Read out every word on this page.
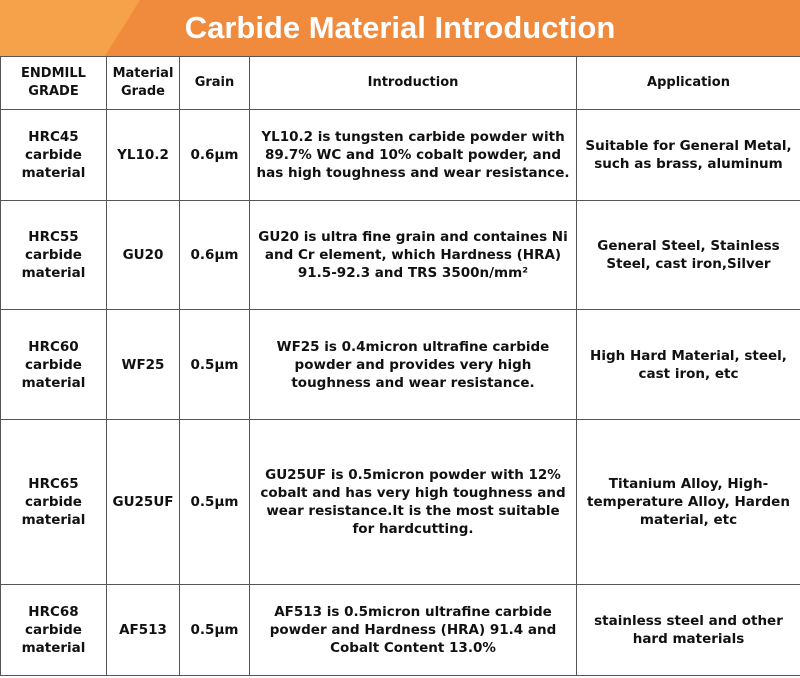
Carbide Material Introduction
ENDMILL GRADE	Material Grade	Grain	Introduction	Application
HRC45 carbide material	YL10.2	0.6μm	YL10.2 is tungsten carbide powder with 89.7% WC and 10% cobalt powder, and has high toughness and wear resistance.	Suitable for General Metal, such as brass, aluminum
HRC55 carbide material	GU20	0.6μm	GU20 is ultra fine grain and containes Ni and Cr element, which Hardness (HRA) 91.5-92.3 and TRS 3500n/mm²	General Steel, Stainless Steel, cast iron,Silver
HRC60 carbide material	WF25	0.5μm	WF25 is 0.4micron ultrafine carbide powder and provides very high toughness and wear resistance.	High Hard Material, steel, cast iron, etc
HRC65 carbide material	GU25UF	0.5μm	GU25UF is 0.5micron powder with 12% cobalt and has very high toughness and wear resistance.It is the most suitable for hardcutting.	Titanium Alloy, High-temperature Alloy, Harden material, etc
HRC68 carbide material	AF513	0.5μm	AF513 is 0.5micron ultrafine carbide powder and Hardness (HRA) 91.4 and Cobalt Content 13.0%	stainless steel and other hard materials
